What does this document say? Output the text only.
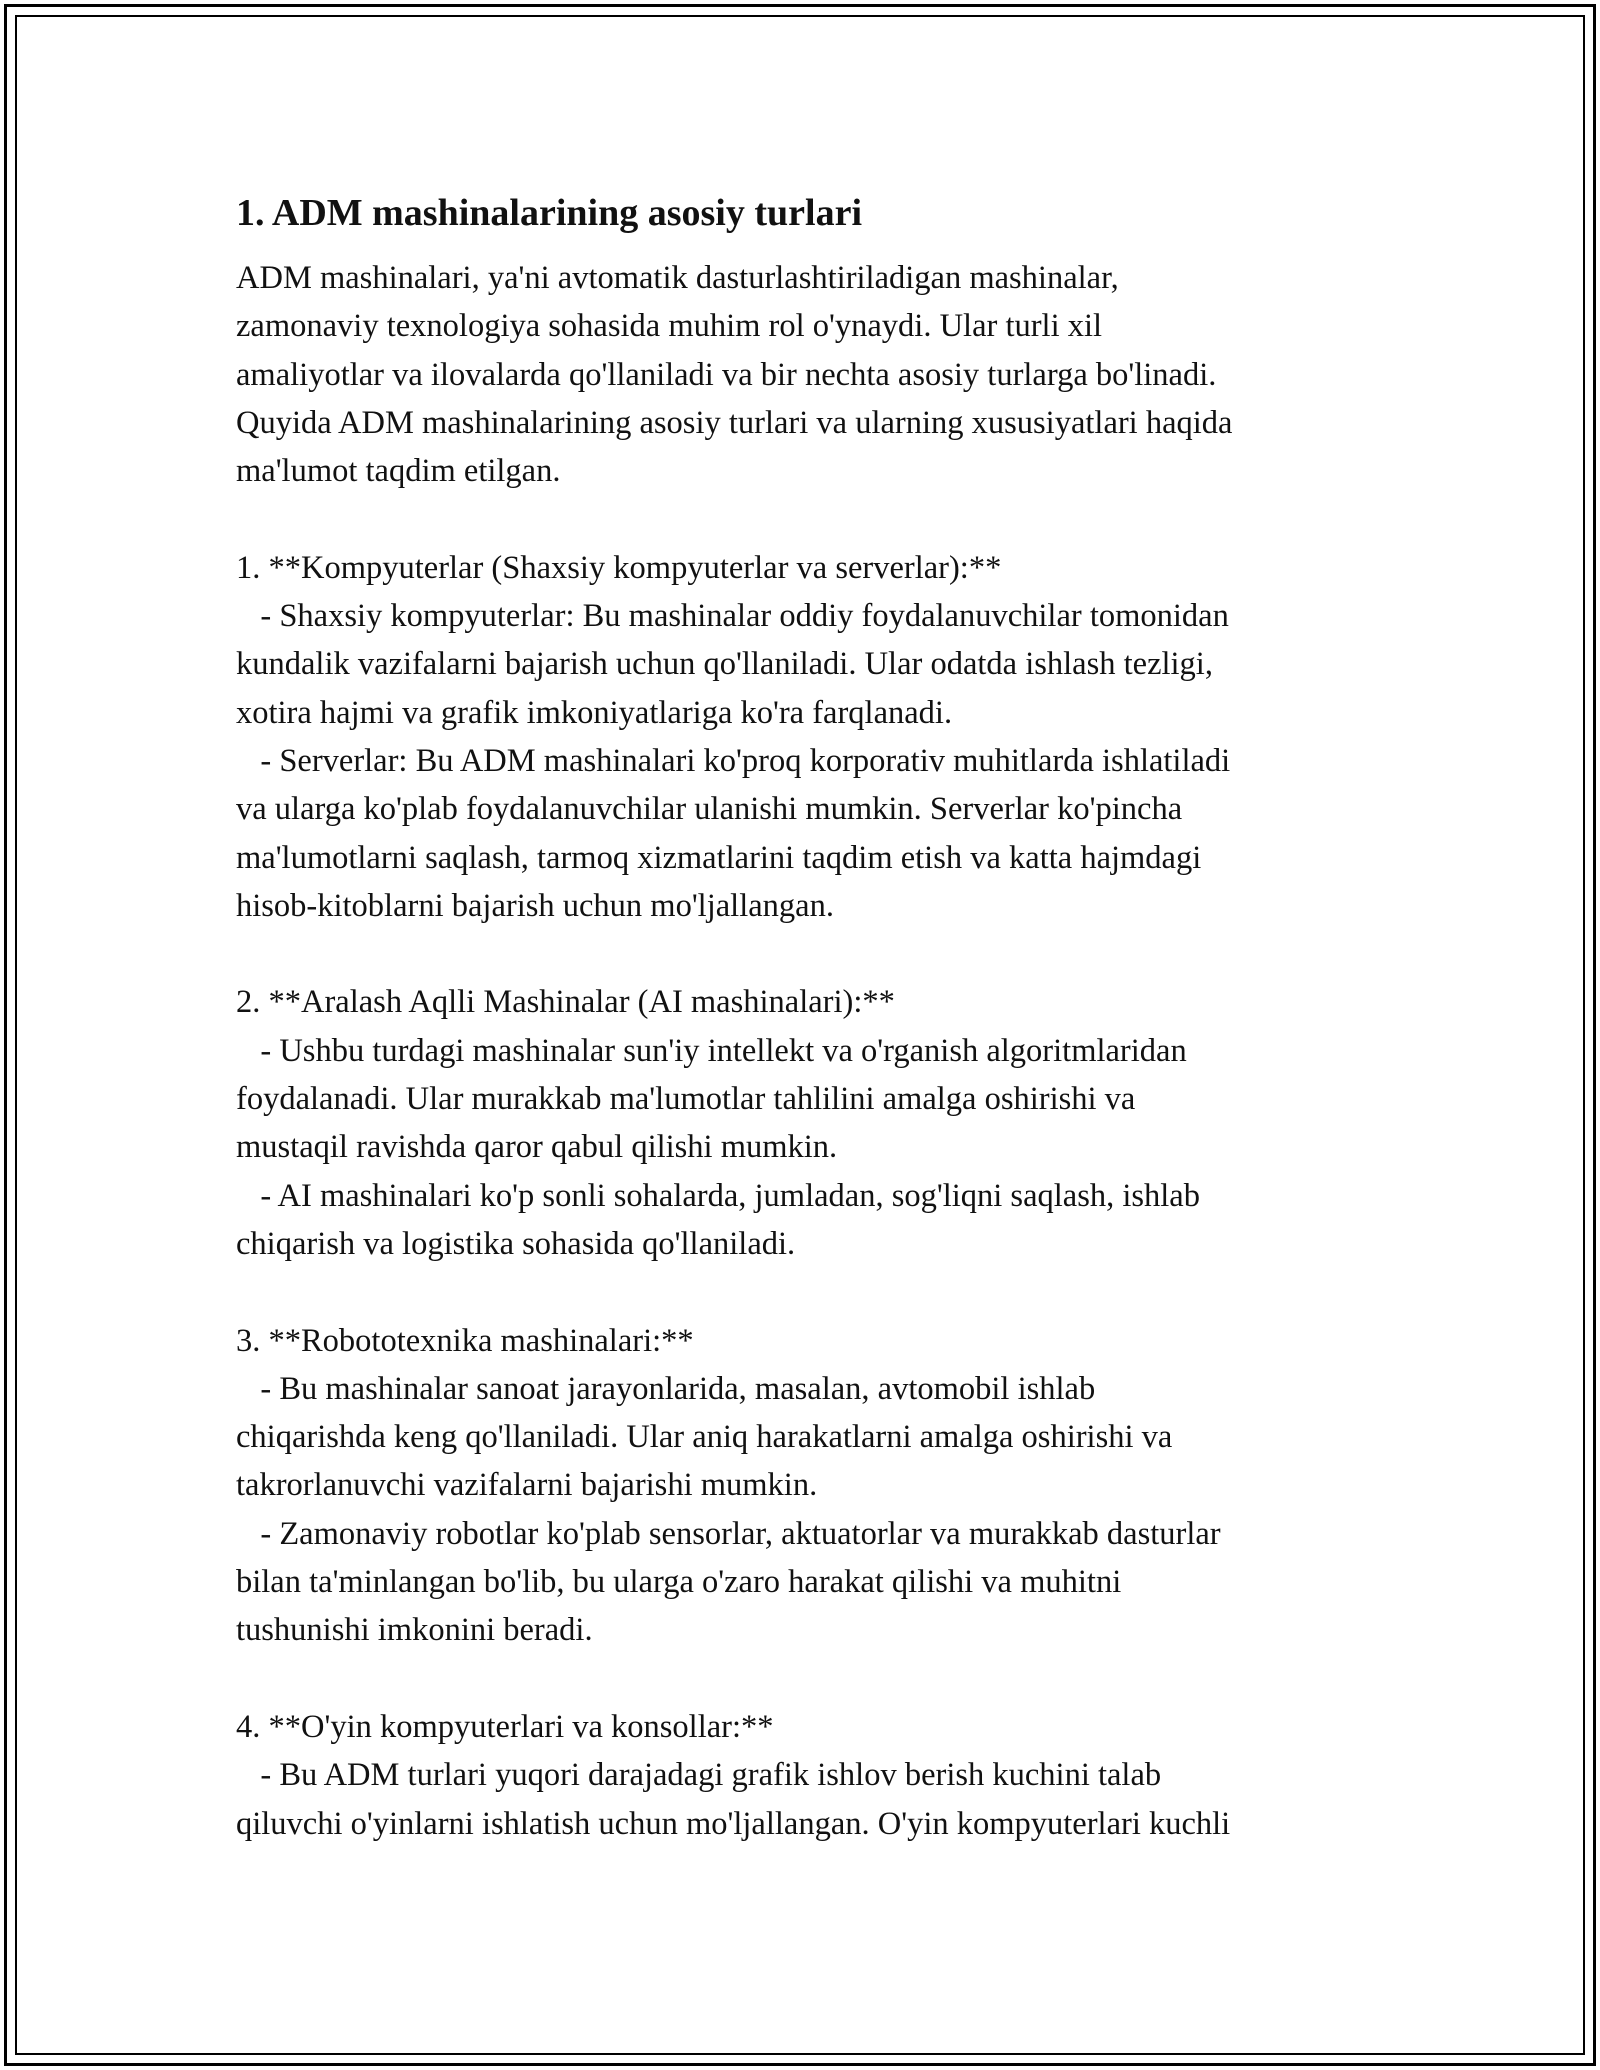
1. ADM mashinalarining asosiy turlari

ADM mashinalari, ya'ni avtomatik dasturlashtiriladigan mashinalar,

zamonaviy texnologiya sohasida muhim rol o'ynaydi. Ular turli xil

amaliyotlar va ilovalarda qo'llaniladi va bir nechta asosiy turlarga bo'linadi.

Quyida ADM mashinalarining asosiy turlari va ularning xususiyatlari haqida

ma'lumot taqdim etilgan.

1. **Kompyuterlar (Shaxsiy kompyuterlar va serverlar):**

- Shaxsiy kompyuterlar: Bu mashinalar oddiy foydalanuvchilar tomonidan

kundalik vazifalarni bajarish uchun qo'llaniladi. Ular odatda ishlash tezligi,

xotira hajmi va grafik imkoniyatlariga ko'ra farqlanadi.

- Serverlar: Bu ADM mashinalari ko'proq korporativ muhitlarda ishlatiladi

va ularga ko'plab foydalanuvchilar ulanishi mumkin. Serverlar ko'pincha

ma'lumotlarni saqlash, tarmoq xizmatlarini taqdim etish va katta hajmdagi

hisob-kitoblarni bajarish uchun mo'ljallangan.

2. **Aralash Aqlli Mashinalar (AI mashinalari):**

- Ushbu turdagi mashinalar sun'iy intellekt va o'rganish algoritmlaridan

foydalanadi. Ular murakkab ma'lumotlar tahlilini amalga oshirishi va

mustaqil ravishda qaror qabul qilishi mumkin.

- AI mashinalari ko'p sonli sohalarda, jumladan, sog'liqni saqlash, ishlab

chiqarish va logistika sohasida qo'llaniladi.

3. **Robototexnika mashinalari:**

- Bu mashinalar sanoat jarayonlarida, masalan, avtomobil ishlab

chiqarishda keng qo'llaniladi. Ular aniq harakatlarni amalga oshirishi va

takrorlanuvchi vazifalarni bajarishi mumkin.

- Zamonaviy robotlar ko'plab sensorlar, aktuatorlar va murakkab dasturlar

bilan ta'minlangan bo'lib, bu ularga o'zaro harakat qilishi va muhitni

tushunishi imkonini beradi.

4. **O'yin kompyuterlari va konsollar:**

- Bu ADM turlari yuqori darajadagi grafik ishlov berish kuchini talab

qiluvchi o'yinlarni ishlatish uchun mo'ljallangan. O'yin kompyuterlari kuchli
